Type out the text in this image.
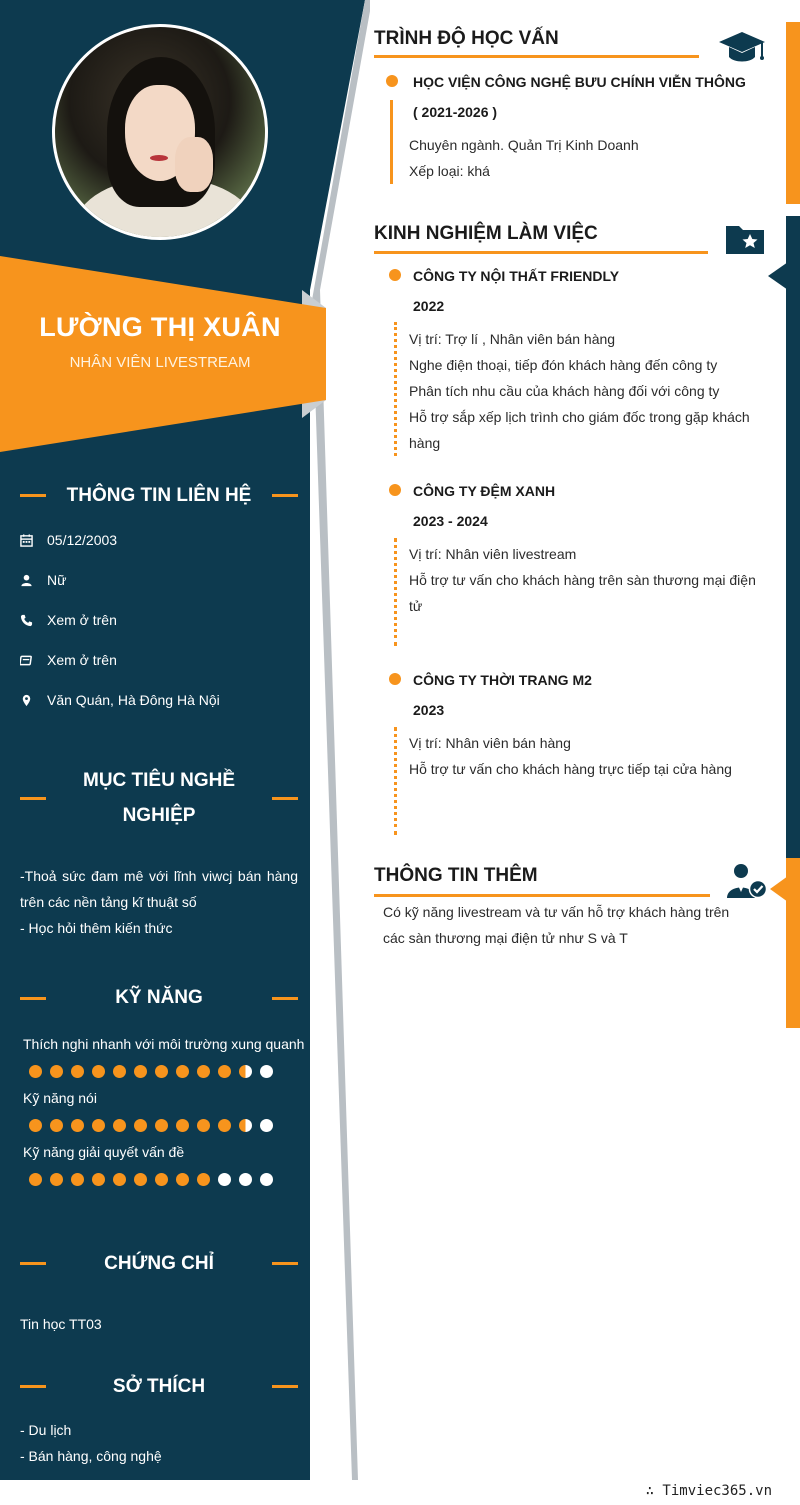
LƯỜNG THỊ XUÂN
NHÂN VIÊN LIVESTREAM
THÔNG TIN LIÊN HỆ
05/12/2003
Nữ
Xem ở trên
Xem ở trên
Văn Quán, Hà Đông Hà Nội
MỤC TIÊU NGHỀ
NGHIỆP
-Thoả sức đam mê với lĩnh viwcj bán hàng trên các nền tảng kĩ thuật số
- Học hỏi thêm kiến thức
KỸ NĂNG
Thích nghi nhanh với môi trường xung quanh
Kỹ năng nói
Kỹ năng giải quyết vấn đề
CHỨNG CHỈ
Tin học TT03
SỞ THÍCH
- Du lịch
- Bán hàng, công nghệ
TRÌNH ĐỘ HỌC VẤN
HỌC VIỆN CÔNG NGHỆ BƯU CHÍNH VIỄN THÔNG
( 2021-2026 )
Chuyên ngành. Quản Trị Kinh Doanh
Xếp loại: khá
KINH NGHIỆM LÀM VIỆC
CÔNG TY NỘI THẤT FRIENDLY
2022
Vị trí: Trợ lí , Nhân viên bán hàng
Nghe điện thoại, tiếp đón khách hàng đến công ty
Phân tích nhu cầu của khách hàng đối với công ty
Hỗ trợ sắp xếp lịch trình cho giám đốc trong gặp khách hàng
CÔNG TY ĐỆM XANH
2023 - 2024
Vị trí: Nhân viên livestream
Hỗ trợ tư vấn cho khách hàng trên sàn thương mại điện tử
CÔNG TY THỜI TRANG M2
2023
Vị trí: Nhân viên bán hàng
Hỗ trợ tư vấn cho khách hàng trực tiếp tại cửa hàng
THÔNG TIN THÊM
Có kỹ năng livestream và tư vấn hỗ trợ khách hàng trên các sàn thương mại điện tử như S và T
∴ Timviec365.vn
